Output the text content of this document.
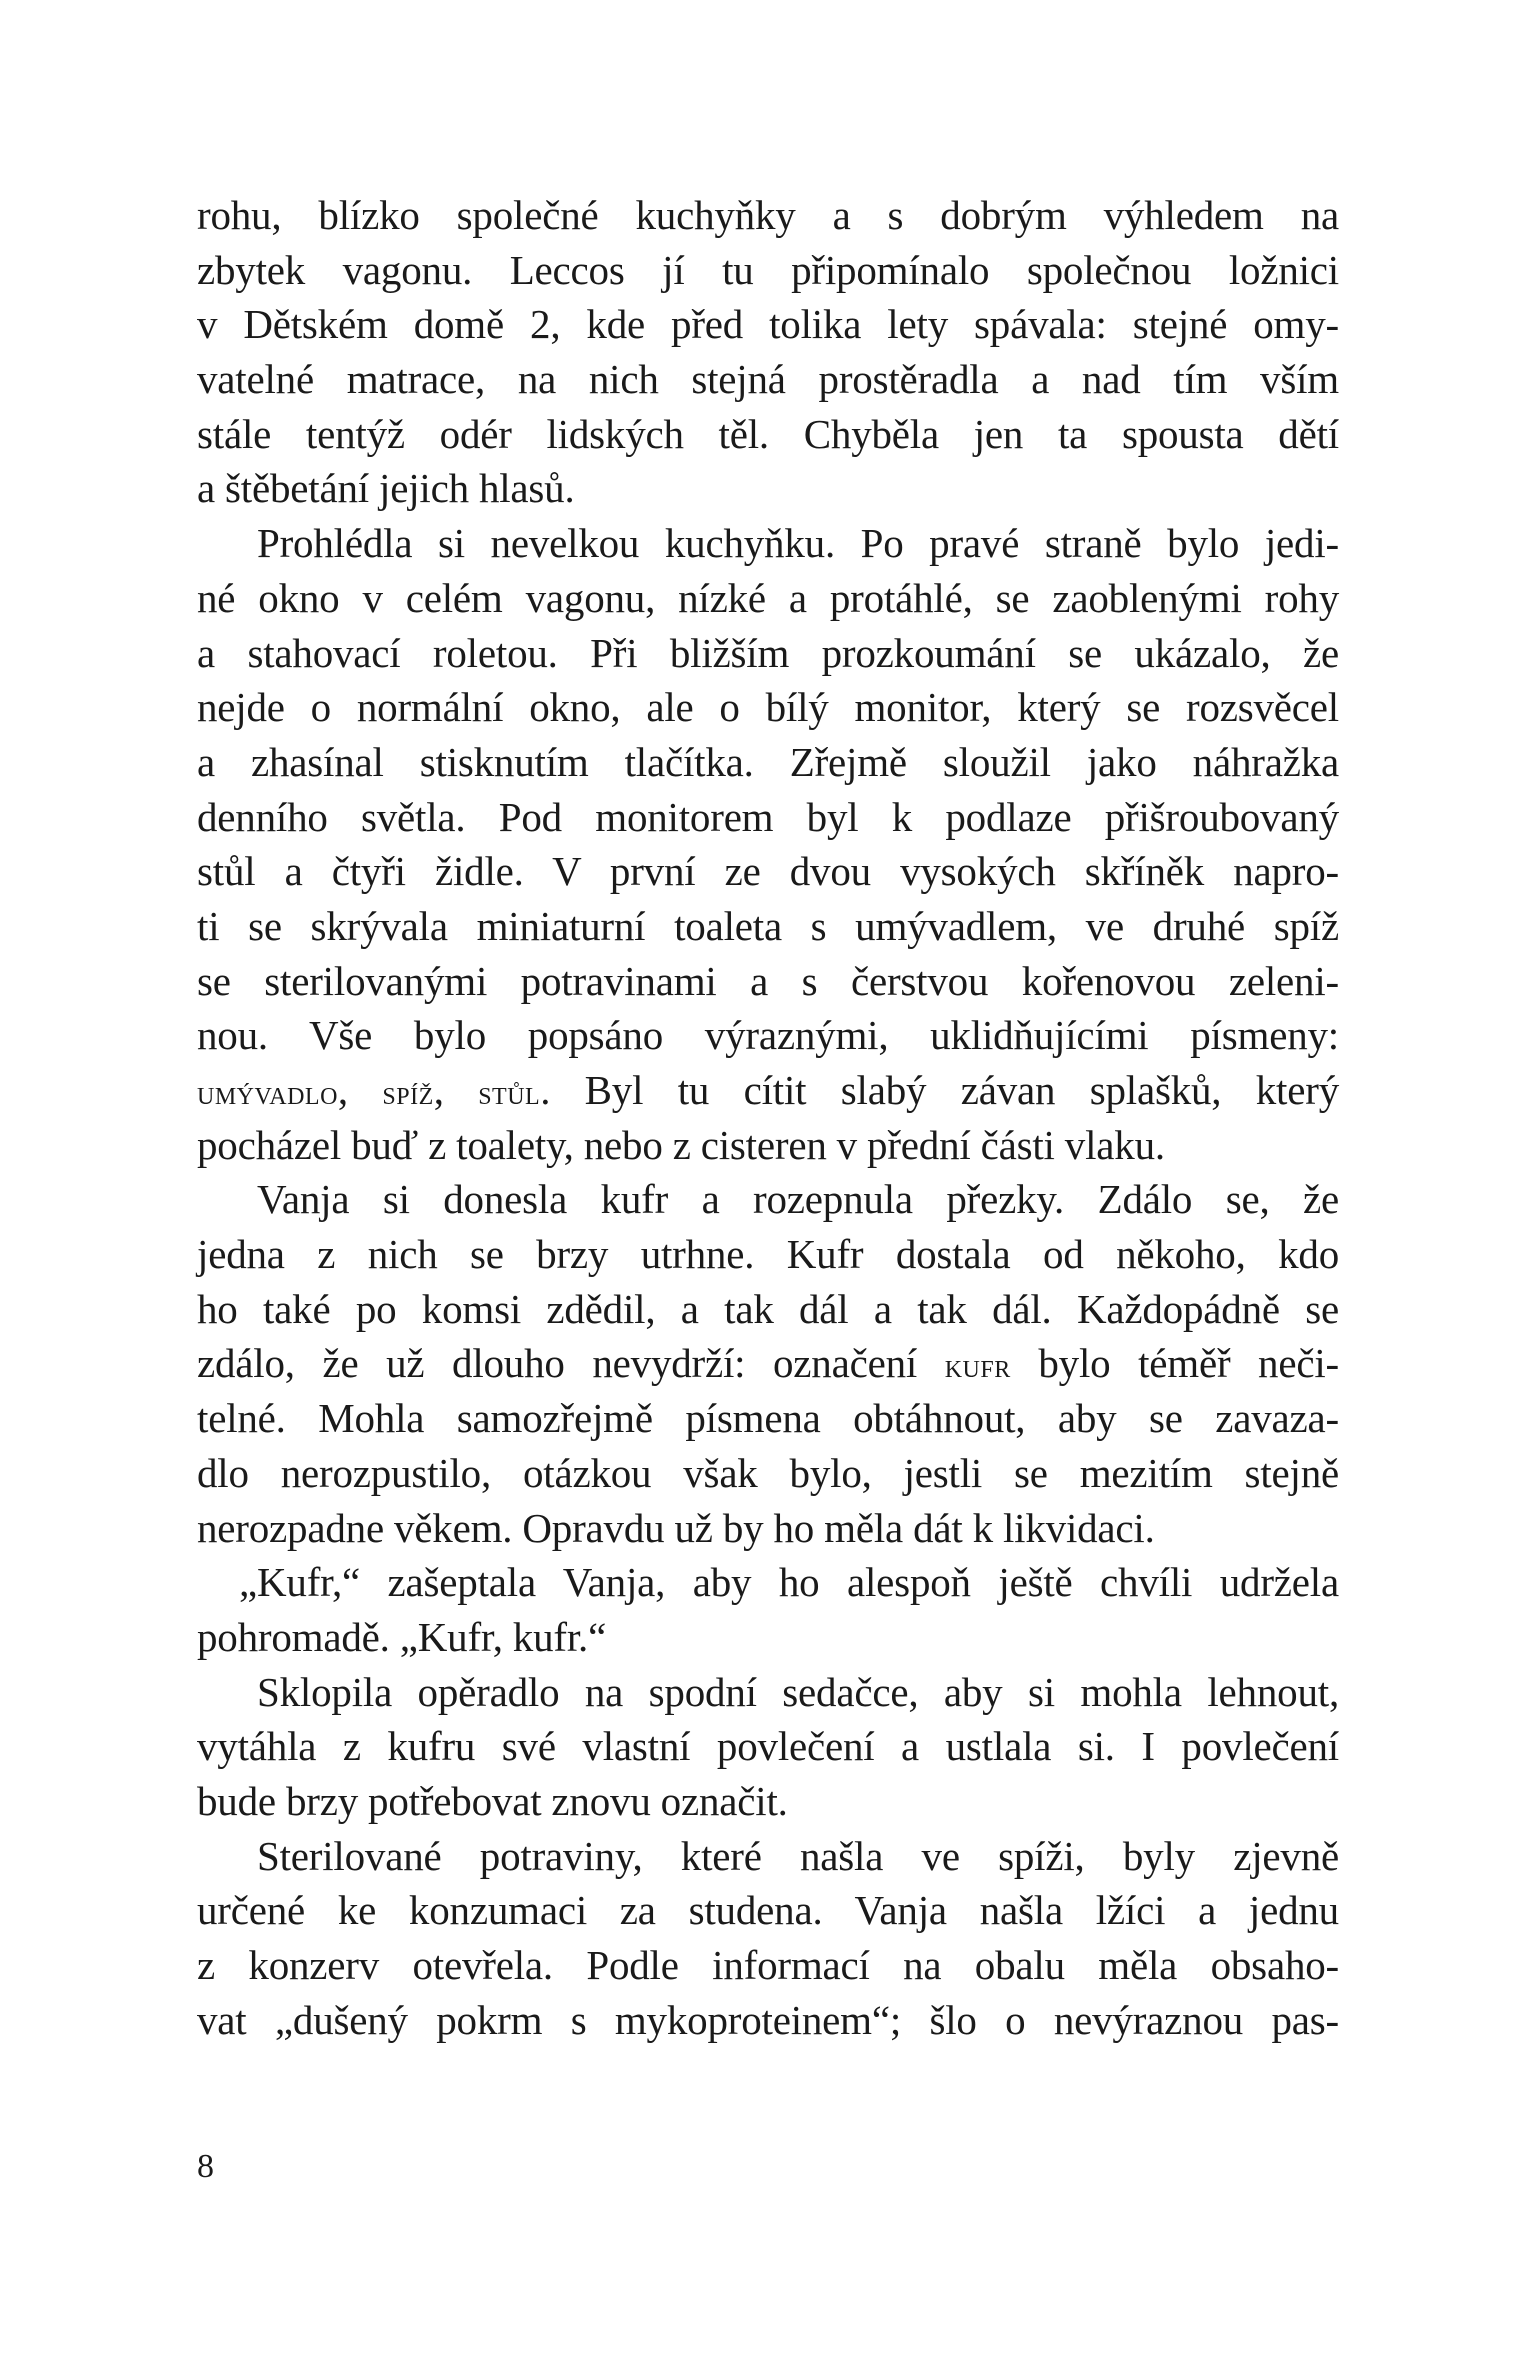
rohu, blízko společné kuchyňky a s dobrým výhledem na
zbytek vagonu. Leccos jí tu připomínalo společnou ložnici
v Dětském domě 2, kde před tolika lety spávala: stejné omy-
vatelné matrace, na nich stejná prostěradla a nad tím vším
stále tentýž odér lidských těl. Chyběla jen ta spousta dětí
a štěbetání jejich hlasů.
Prohlédla si nevelkou kuchyňku. Po pravé straně bylo jedi-
né okno v celém vagonu, nízké a protáhlé, se zaoblenými rohy
a stahovací roletou. Při bližším prozkoumání se ukázalo, že
nejde o normální okno, ale o bílý monitor, který se rozsvěcel
a zhasínal stisknutím tlačítka. Zřejmě sloužil jako náhražka
denního světla. Pod monitorem byl k podlaze přišroubovaný
stůl a čtyři židle. V první ze dvou vysokých skříněk napro-
ti se skrývala miniaturní toaleta s umývadlem, ve druhé spíž
se sterilovanými potravinami a s čerstvou kořenovou zeleni-
nou. Vše bylo popsáno výraznými, uklidňujícími písmeny:
umývadlo, spíž, stůl. Byl tu cítit slabý závan splašků, který
pocházel buď z toalety, nebo z cisteren v přední části vlaku.
Vanja si donesla kufr a rozepnula přezky. Zdálo se, že
jedna z nich se brzy utrhne. Kufr dostala od někoho, kdo
ho také po komsi zdědil, a tak dál a tak dál. Každopádně se
zdálo, že už dlouho nevydrží: označení kufr bylo téměř neči-
telné. Mohla samozřejmě písmena obtáhnout, aby se zavaza-
dlo nerozpustilo, otázkou však bylo, jestli se mezitím stejně
nerozpadne věkem. Opravdu už by ho měla dát k likvidaci.
„Kufr,“ zašeptala Vanja, aby ho alespoň ještě chvíli udržela
pohromadě. „Kufr, kufr.“
Sklopila opěradlo na spodní sedačce, aby si mohla lehnout,
vytáhla z kufru své vlastní povlečení a ustlala si. I povlečení
bude brzy potřebovat znovu označit.
Sterilované potraviny, které našla ve spíži, byly zjevně
určené ke konzumaci za studena. Vanja našla lžíci a jednu
z konzerv otevřela. Podle informací na obalu měla obsaho-
vat „dušený pokrm s mykoproteinem“; šlo o nevýraznou pas-
8
